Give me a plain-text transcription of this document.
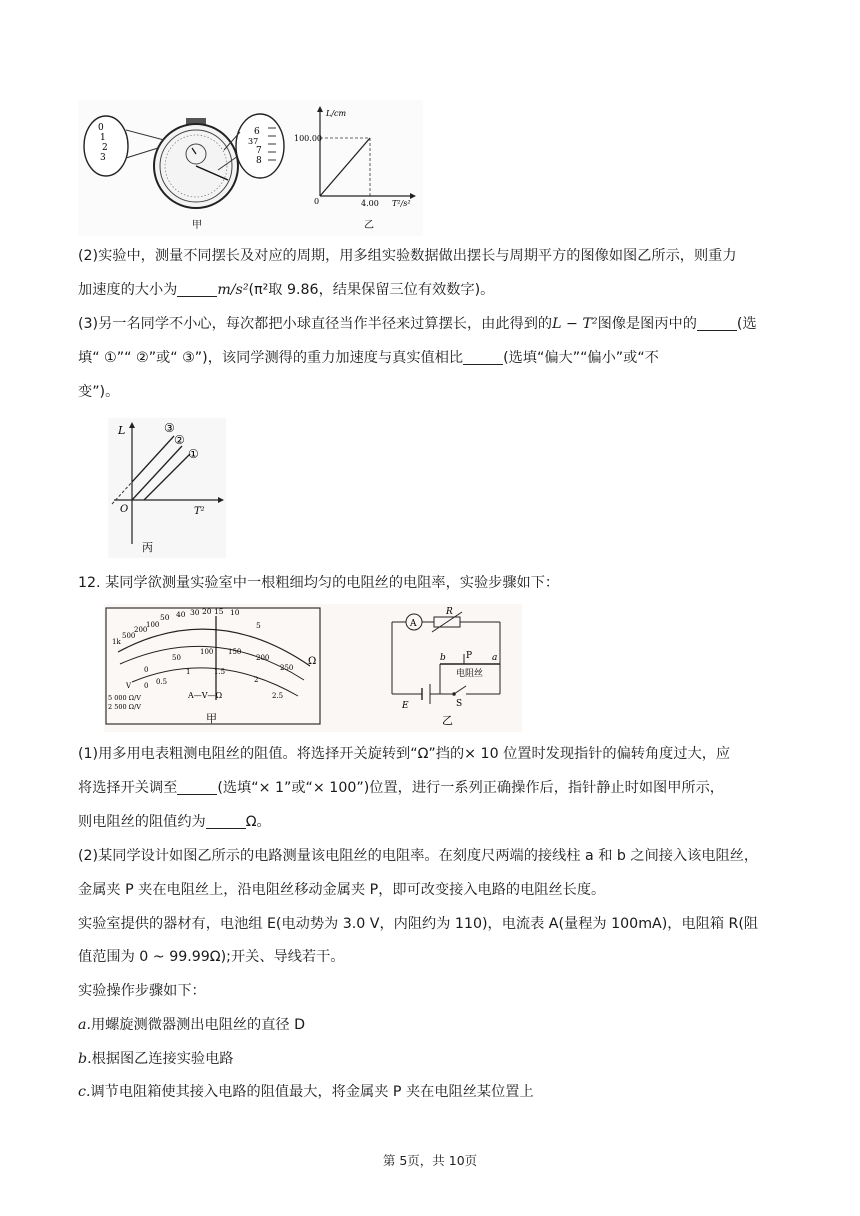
0
1
2
3
6
37
7
8
甲
L/cm
100.00
4.00 T²/s²
0
乙
(2)实验中，测量不同摆长及对应的周期，用多组实验数据做出摆长与周期平方的图像如图乙所示，则重力
加速度的大小为	m/s²(π²取 9.86，结果保留三位有效数字)。
(3)另一名同学不小心，每次都把小球直径当作半径来过算摆长，由此得到的L − T²图像是图丙中的	(选
填“ ①”“ ②”或“ ③”)，该同学测得的重力加速度与真实值相比	(选填“偏大”“偏小”或“不
变”)。
L
T²
O
①
②
③
丙
12. 某同学欲测量实验室中一根粗细均匀的电阻丝的电阻率，实验步骤如下：
50 40 30 20 15 10
5
1k
500
200
100
Ω
0
50
100 150
200
250
0 0.5
1	1.5
2
2.5
V
A—V—Ω
5 000 Ω/V
2 500 Ω/V
甲
A
R
b P a
电阻丝
E	S
乙
(1)用多用电表粗测电阻丝的阻值。将选择开关旋转到“Ω”挡的× 10 位置时发现指针的偏转角度过大，应
将选择开关调至	(选填“× 1”或“× 100”)位置，进行一系列正确操作后，指针静止时如图甲所示，
则电阻丝的阻值约为	Ω。
(2)某同学设计如图乙所示的电路测量该电阻丝的电阻率。在刻度尺两端的接线柱 a 和 b 之间接入该电阻丝，
金属夹 P 夹在电阻丝上，沿电阻丝移动金属夹 P，即可改变接入电路的电阻丝长度。
实验室提供的器材有，电池组 E(电动势为 3.0 V，内阻约为 110)，电流表 A(量程为 100mA)，电阻箱 R(阻
值范围为 0 ~ 99.99Ω);开关、导线若干。
实验操作步骤如下：
a.用螺旋测微器测出电阻丝的直径 D
b.根据图乙连接实验电路
c.调节电阻箱使其接入电路的阻值最大，将金属夹 P 夹在电阻丝某位置上
第 5页，共 10页
